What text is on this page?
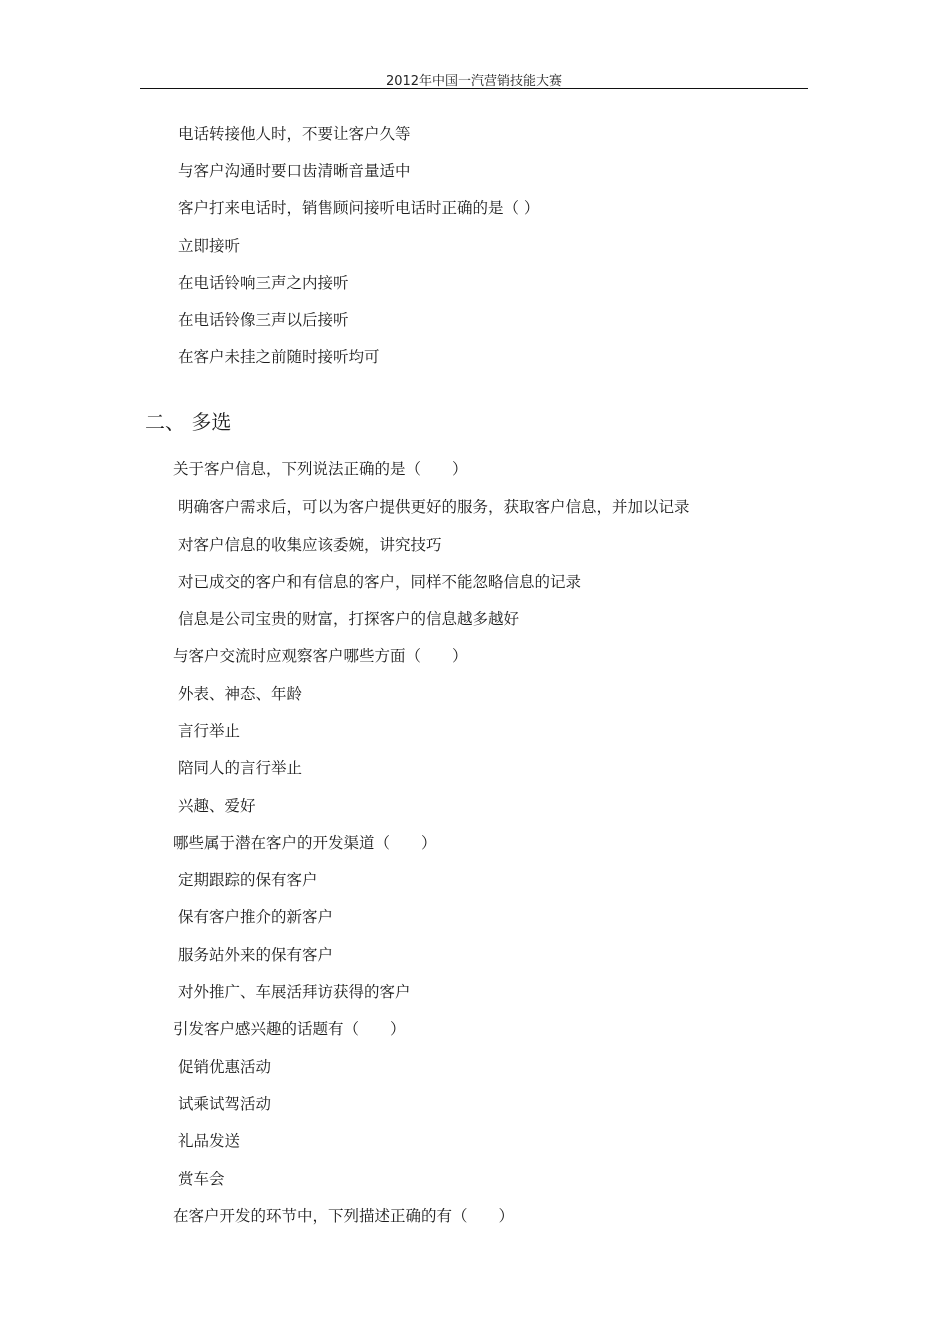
2012年中国一汽营销技能大赛
电话转接他人时，不要让客户久等
与客户沟通时要口齿清晰音量适中
客户打来电话时，销售顾问接听电话时正确的是（ ）
立即接听
在电话铃响三声之内接听
在电话铃像三声以后接听
在客户未挂之前随时接听均可
二、 多选
关于客户信息，下列说法正确的是（　　）
明确客户需求后，可以为客户提供更好的服务，获取客户信息，并加以记录
对客户信息的收集应该委婉，讲究技巧
对已成交的客户和有信息的客户，同样不能忽略信息的记录
信息是公司宝贵的财富，打探客户的信息越多越好
与客户交流时应观察客户哪些方面（　　）
外表、神态、年龄
言行举止
陪同人的言行举止
兴趣、爱好
哪些属于潜在客户的开发渠道（　　）
定期跟踪的保有客户
保有客户推介的新客户
服务站外来的保有客户
对外推广、车展活拜访获得的客户
引发客户感兴趣的话题有（　　）
促销优惠活动
试乘试驾活动
礼品发送
赏车会
在客户开发的环节中，下列描述正确的有（　　）
